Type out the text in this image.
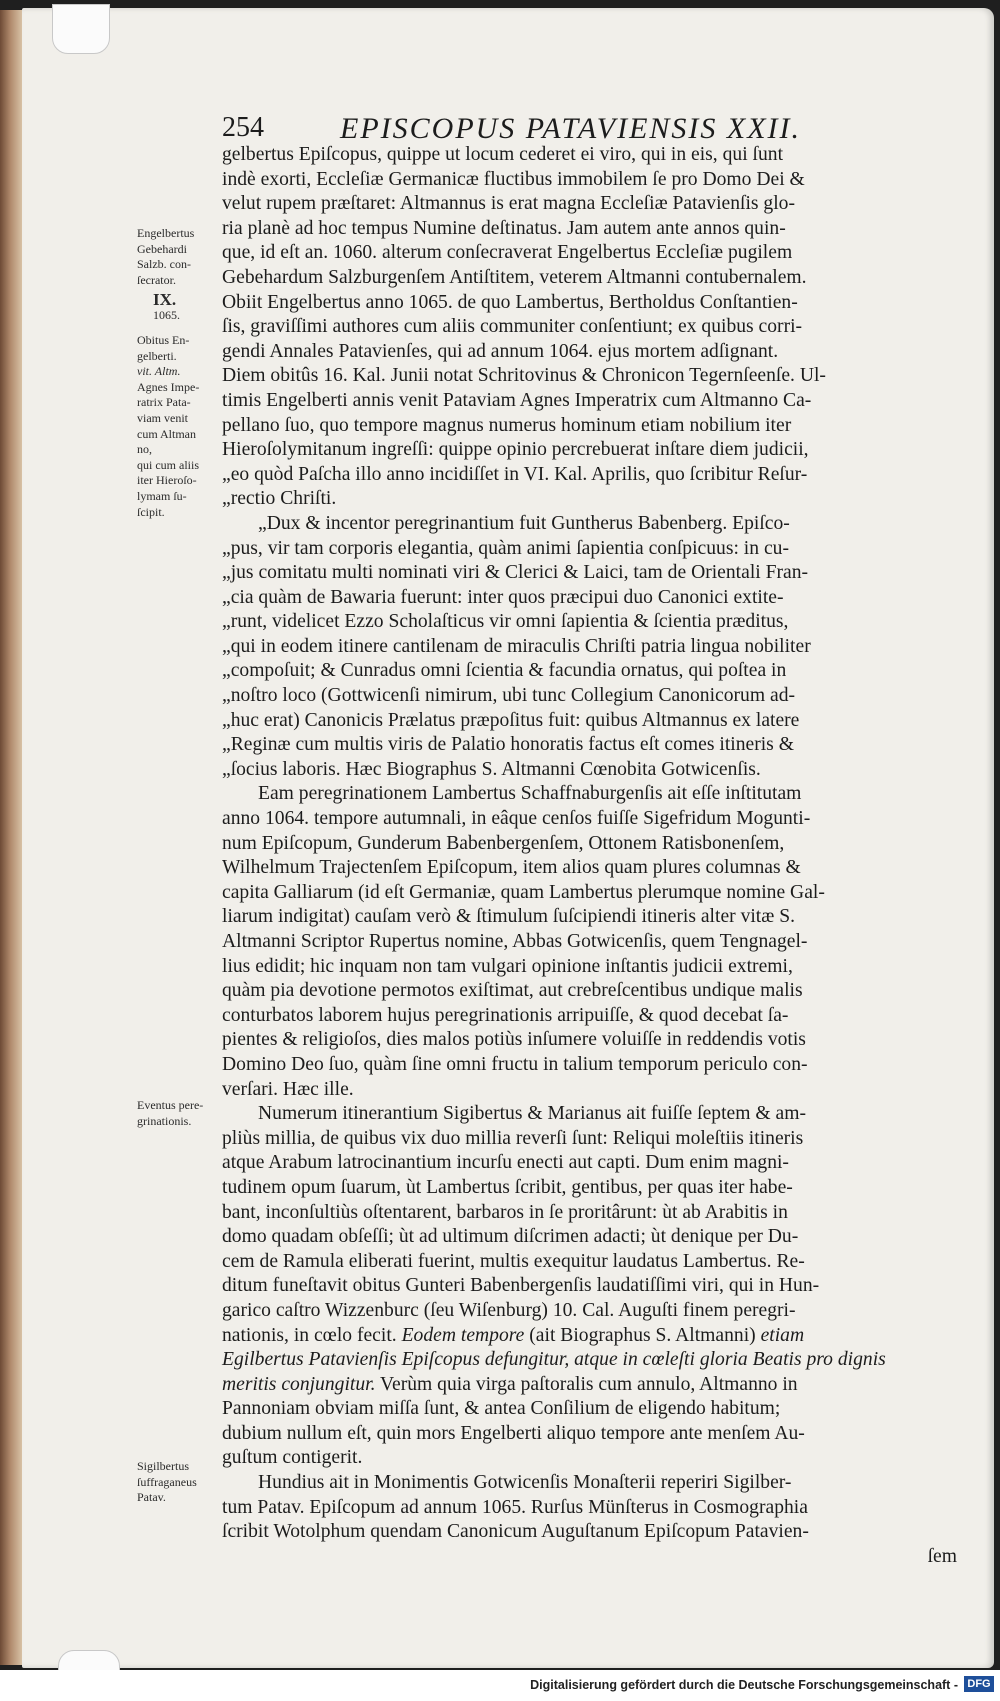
254	EPISCOPUS PATAVIENSIS XXII.
gelbertus Epiſcopus, quippe ut locum cederet ei viro, qui in eis, qui ſunt
indè exorti, Eccleſiæ Germanicæ fluctibus immobilem ſe pro Domo Dei &
velut rupem præſtaret: Altmannus is erat magna Eccleſiæ Patavienſis glo-
ria planè ad hoc tempus Numine deſtinatus. Jam autem ante annos quin-
que, id eſt an. 1060. alterum conſecraverat Engelbertus Eccleſiæ pugilem
Gebehardum Salzburgenſem Antiſtitem, veterem Altmanni contubernalem.
Obiit Engelbertus anno 1065. de quo Lambertus, Bertholdus Conſtantien-
ſis, graviſſimi authores cum aliis communiter conſentiunt; ex quibus corri-
gendi Annales Patavienſes, qui ad annum 1064. ejus mortem adſignant.
Diem obitûs 16. Kal. Junii notat Schritovinus & Chronicon Tegernſeenſe. Ul-
timis Engelberti annis venit Pataviam Agnes Imperatrix cum Altmanno Ca-
pellano ſuo, quo tempore magnus numerus hominum etiam nobilium iter
Hieroſolymitanum ingreſſi: quippe opinio percrebuerat inſtare diem judicii,
„eo quòd Paſcha illo anno incidiſſet in VI. Kal. Aprilis, quo ſcribitur Reſur-
„rectio Chriſti.
„Dux & incentor peregrinantium fuit Guntherus Babenberg. Epiſco-
„pus, vir tam corporis elegantia, quàm animi ſapientia conſpicuus: in cu-
„jus comitatu multi nominati viri & Clerici & Laici, tam de Orientali Fran-
„cia quàm de Bawaria fuerunt: inter quos præcipui duo Canonici extite-
„runt, videlicet Ezzo Scholaſticus vir omni ſapientia & ſcientia præditus,
„qui in eodem itinere cantilenam de miraculis Chriſti patria lingua nobiliter
„compoſuit; & Cunradus omni ſcientia & facundia ornatus, qui poſtea in
„noſtro loco (Gottwicenſi nimirum, ubi tunc Collegium Canonicorum ad-
„huc erat) Canonicis Prælatus præpoſitus fuit: quibus Altmannus ex latere
„Reginæ cum multis viris de Palatio honoratis factus eſt comes itineris &
„ſocius laboris. Hæc Biographus S. Altmanni Cœnobita Gotwicenſis.
Eam peregrinationem Lambertus Schaffnaburgenſis ait eſſe inſtitutam
anno 1064. tempore autumnali, in eâque cenſos fuiſſe Sigefridum Mogunti-
num Epiſcopum, Gunderum Babenbergenſem, Ottonem Ratisbonenſem,
Wilhelmum Trajectenſem Epiſcopum, item alios quam plures columnas &
capita Galliarum (id eſt Germaniæ, quam Lambertus plerumque nomine Gal-
liarum indigitat) cauſam verò & ſtimulum ſuſcipiendi itineris alter vitæ S.
Altmanni Scriptor Rupertus nomine, Abbas Gotwicenſis, quem Tengnagel-
lius edidit; hic inquam non tam vulgari opinione inſtantis judicii extremi,
quàm pia devotione permotos exiſtimat, aut crebreſcentibus undique malis
conturbatos laborem hujus peregrinationis arripuiſſe, & quod decebat ſa-
pientes & religioſos, dies malos potiùs inſumere voluiſſe in reddendis votis
Domino Deo ſuo, quàm ſine omni fructu in talium temporum periculo con-
verſari. Hæc ille.
Numerum itinerantium Sigibertus & Marianus ait fuiſſe ſeptem & am-
pliùs millia, de quibus vix duo millia reverſi ſunt: Reliqui moleſtiis itineris
atque Arabum latrocinantium incurſu enecti aut capti. Dum enim magni-
tudinem opum ſuarum, ùt Lambertus ſcribit, gentibus, per quas iter habe-
bant, inconſultiùs oſtentarent, barbaros in ſe proritârunt: ùt ab Arabitis in
domo quadam obſeſſi; ùt ad ultimum diſcrimen adacti; ùt denique per Du-
cem de Ramula eliberati fuerint, multis exequitur laudatus Lambertus. Re-
ditum funeſtavit obitus Gunteri Babenbergenſis laudatiſſimi viri, qui in Hun-
garico caſtro Wizzenburc (ſeu Wiſenburg) 10. Cal. Auguſti finem peregri-
nationis, in cœlo fecit. Eodem tempore (ait Biographus S. Altmanni) etiam
Egilbertus Patavienſis Epiſcopus defungitur, atque in cœleſti gloria Beatis pro dignis
meritis conjungitur. Verùm quia virga paſtoralis cum annulo, Altmanno in
Pannoniam obviam miſſa ſunt, & antea Conſilium de eligendo habitum;
dubium nullum eſt, quin mors Engelberti aliquo tempore ante menſem Au-
guſtum contigerit.
Hundius ait in Monimentis Gotwicenſis Monaſterii reperiri Sigilber-
tum Patav. Epiſcopum ad annum 1065. Rurſus Münſterus in Cosmographia
ſcribit Wotolphum quendam Canonicum Auguſtanum Epiſcopum Patavien-
ſem
Engelbertus
Gebehardi
Salzb. con-
ſecrator.
IX.
1065.
Obitus En-
gelberti.
vit. Altm.
Agnes Impe-
ratrix Pata-
viam venit
cum Altman
no,
qui cum aliis
iter Hieroſo-
lymam ſu-
ſcipit.
Eventus pere-
grinationis.
Sigilbertus
ſuffraganeus
Patav.
Digitalisierung gefördert durch die Deutsche Forschungsgemeinschaft - DFG
